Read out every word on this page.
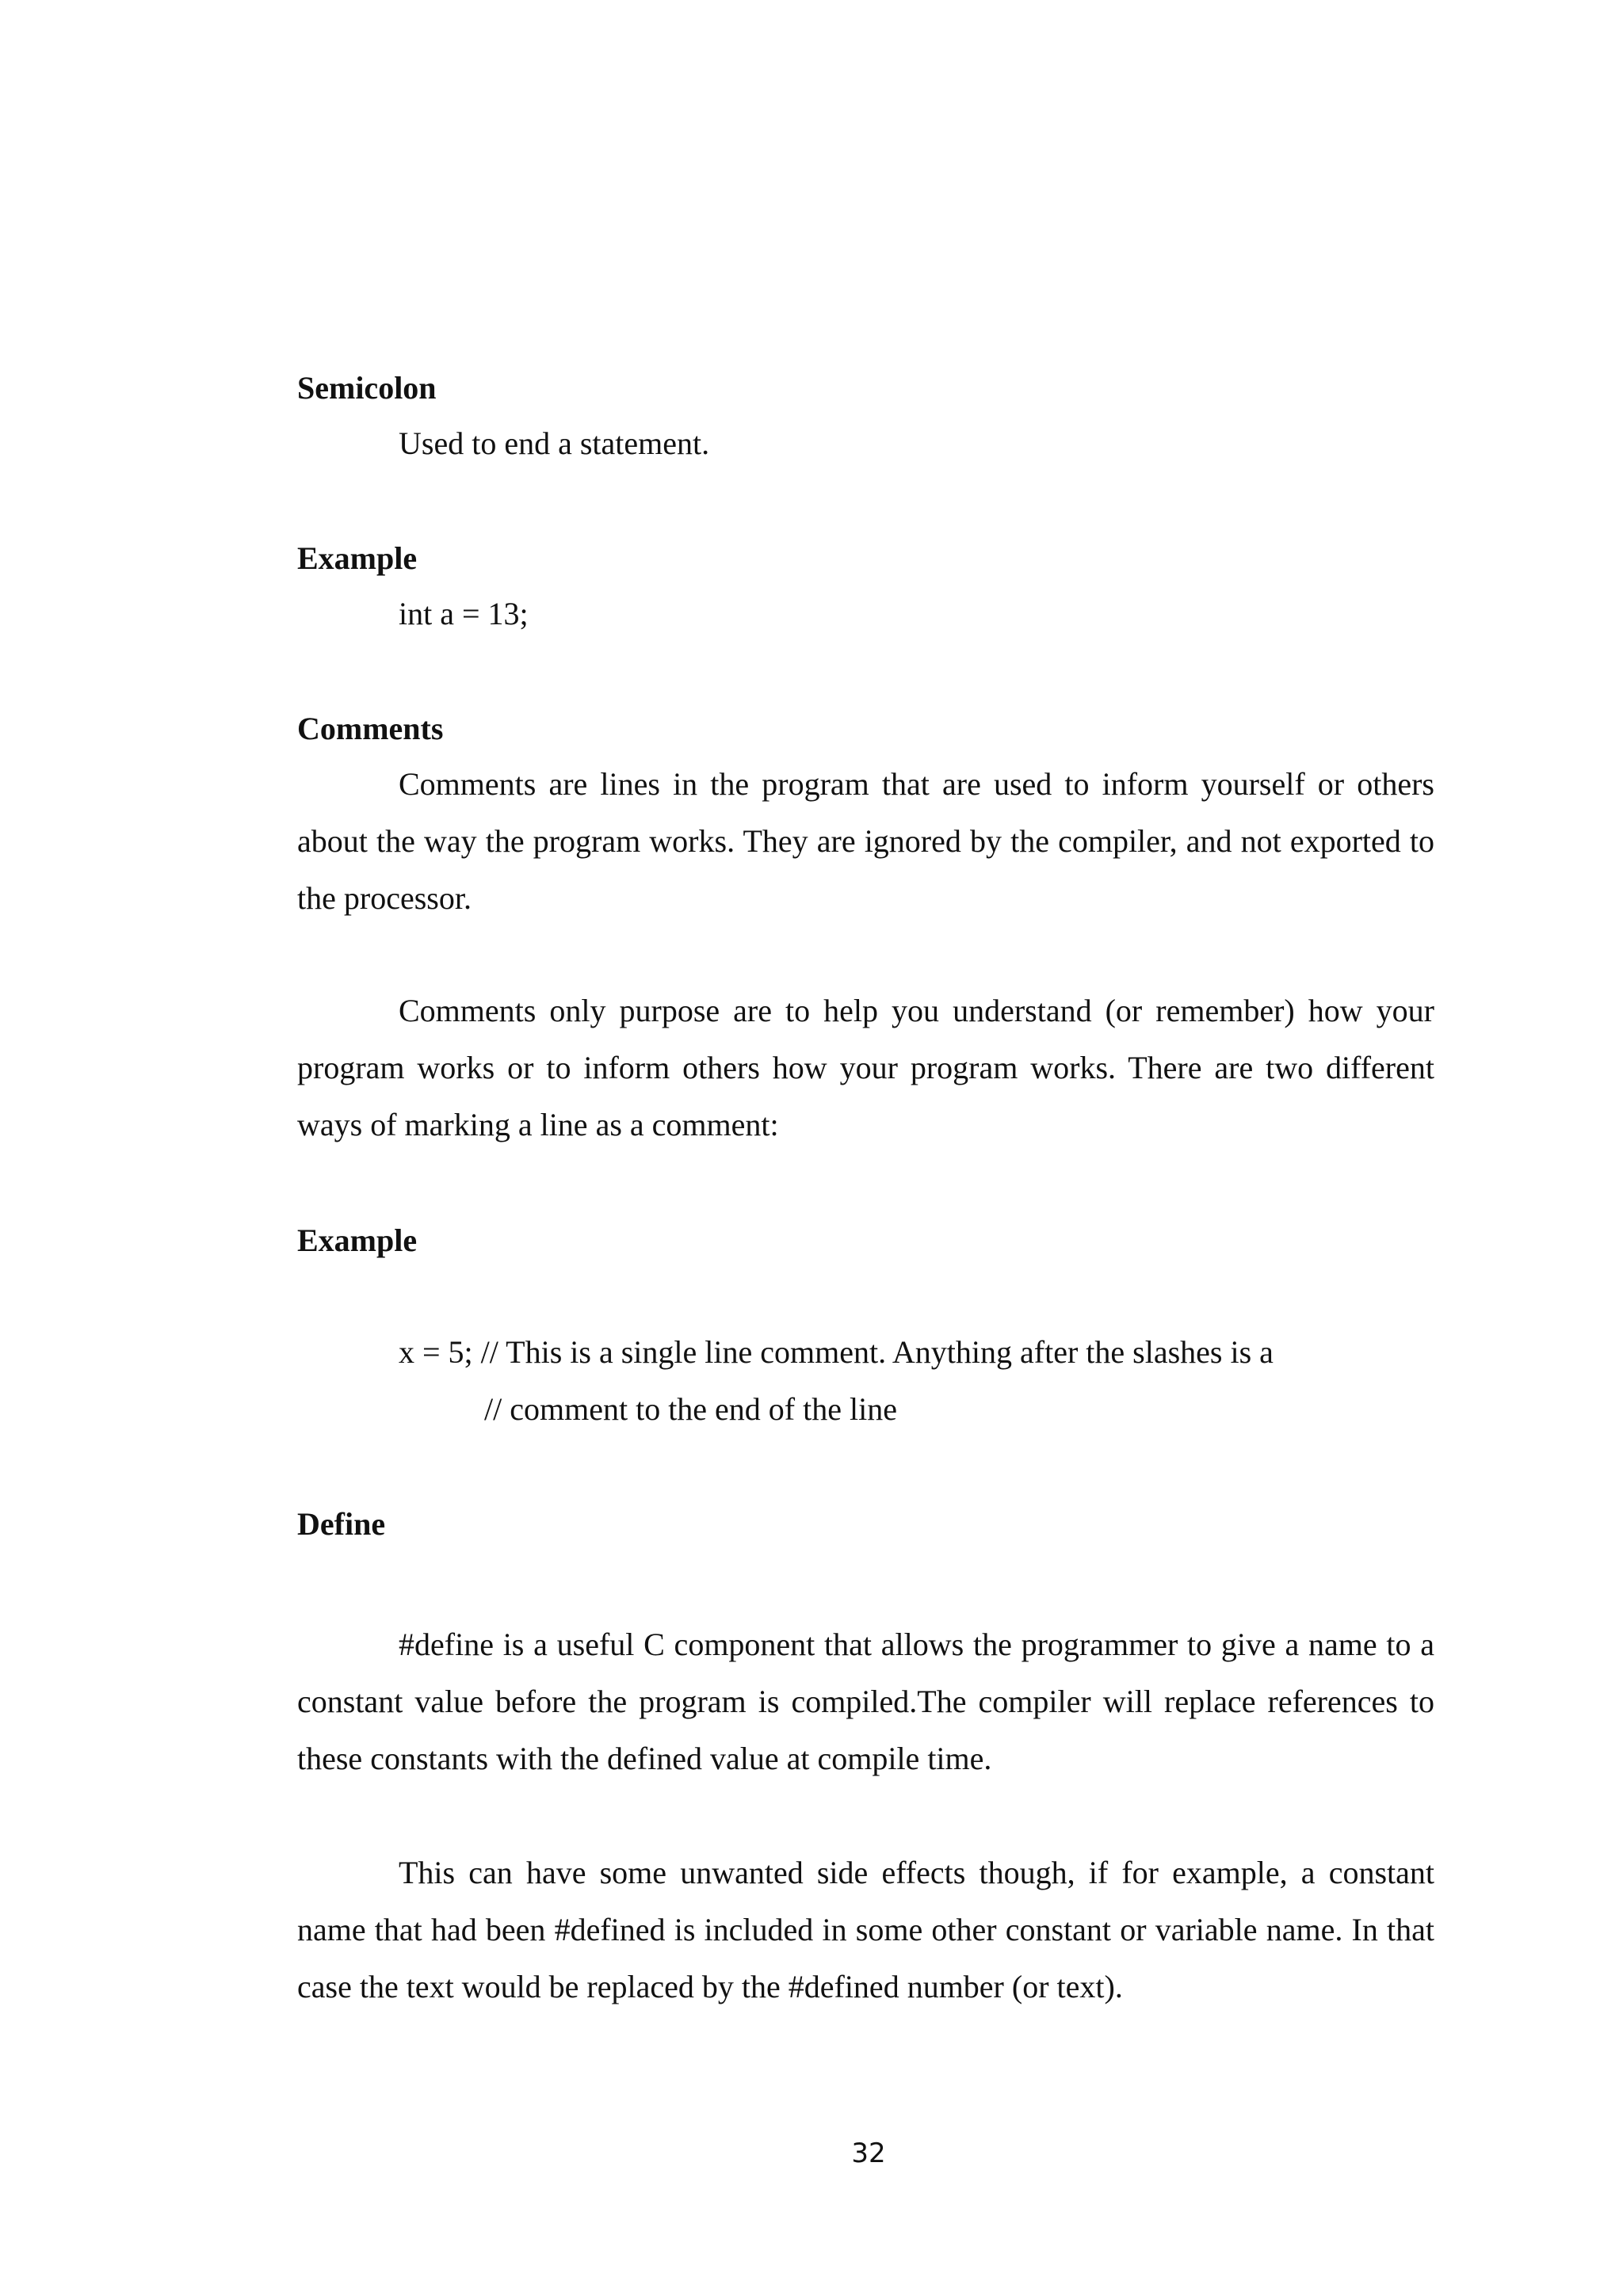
Semicolon

Used to end a statement.

Example

int a = 13;

Comments

Comments are lines in the program that are used to inform yourself or others about the way the program works. They are ignored by the compiler, and not exported to the processor.

Comments only purpose are to help you understand (or remember) how your program works or to inform others how your program works. There are two different ways of marking a line as a comment:

Example

x = 5; // This is a single line comment. Anything after the slashes is a

// comment to the end of the line

Define

#define is a useful C component that allows the programmer to give a name to a constant value before the program is compiled.The compiler will replace references to these constants with the defined value at compile time.

This can have some unwanted side effects though, if for example, a constant name that had been #defined is included in some other constant or variable name. In that case the text would be replaced by the #defined number (or text).

32
